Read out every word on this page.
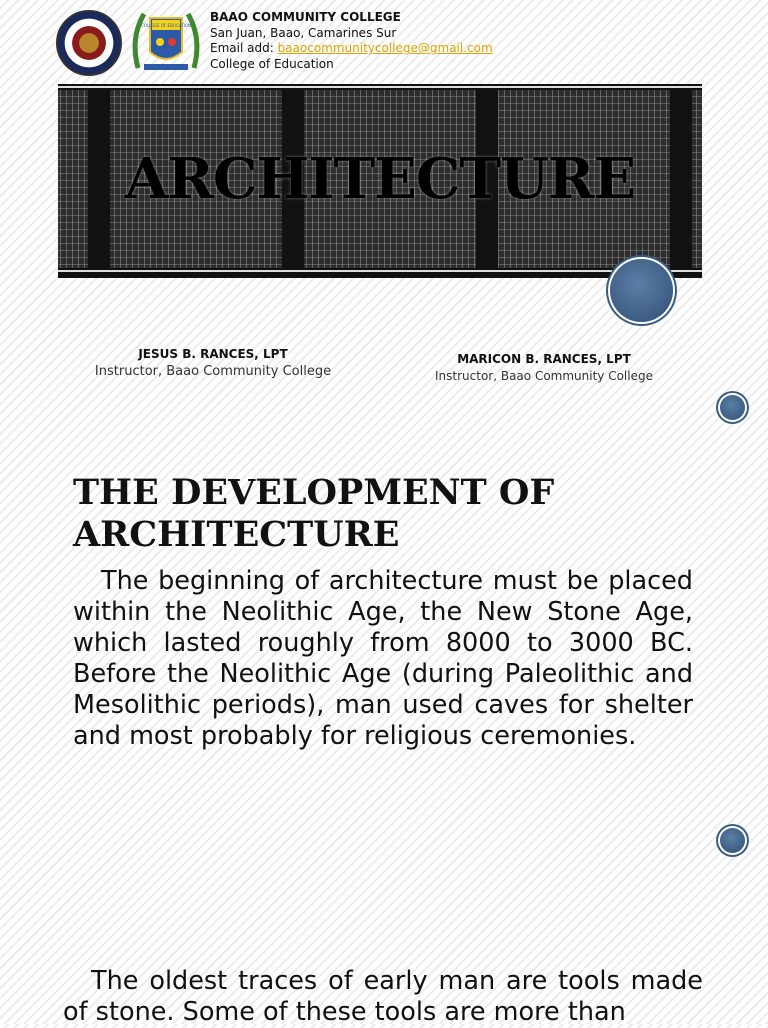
COLLEGE OF EDUCATION
BAAO COMMUNITY COLLEGE
San Juan, Baao, Camarines Sur
Email add: baaocommunitycollege@gmail.com
College of Education
ARCHITECTURE
JESUS B. RANCES, LPT
Instructor, Baao Community College
MARICON B. RANCES, LPT
Instructor, Baao Community College
THE DEVELOPMENT OF ARCHITECTURE
The beginning of architecture must be placed within the Neolithic Age, the New Stone Age, which lasted roughly from 8000 to 3000 BC. Before the Neolithic Age (during Paleolithic and Mesolithic periods), man used caves for shelter and most probably for religious ceremonies.
The oldest traces of early man are tools made of stone. Some of these tools are more than
